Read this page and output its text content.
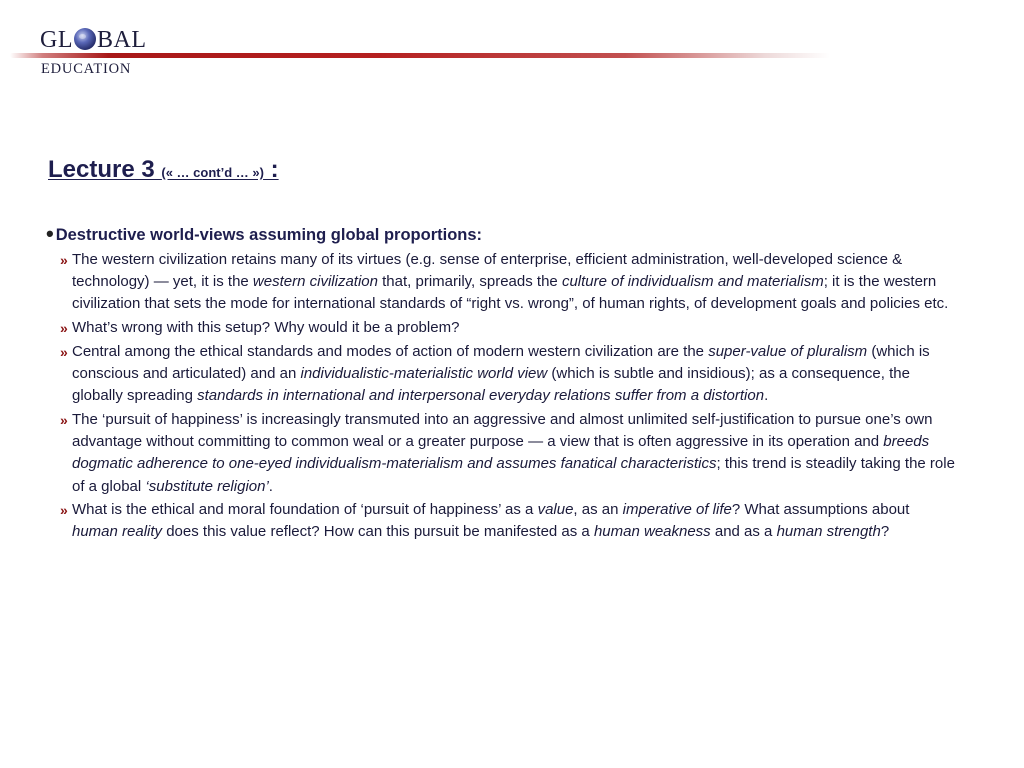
GL BAL
EDUCATION
Lecture 3 (« … cont’d … ») :
• Destructive world-views assuming global proportions:
» The western civilization retains many of its virtues (e.g. sense of enterprise, efficient administration, well-developed science &
technology) — yet, it is the western civilization that, primarily, spreads the culture of individualism and materialism; it is the western
civilization that sets the mode for international standards of “right vs. wrong”, of human rights, of development goals and policies etc.
» What’s wrong with this setup? Why would it be a problem?
» Central among the ethical standards and modes of action of modern western civilization are the super-value of pluralism (which is
conscious and articulated) and an individualistic-materialistic world view (which is subtle and insidious); as a consequence, the
globally spreading standards in international and interpersonal everyday relations suffer from a distortion.
» The ‘pursuit of happiness’ is increasingly transmuted into an aggressive and almost unlimited self-justification to pursue one’s own
advantage without committing to common weal or a greater purpose — a view that is often aggressive in its operation and breeds
dogmatic adherence to one-eyed individualism-materialism and assumes fanatical characteristics; this trend is steadily taking the role
of a global ‘substitute religion’.
» What is the ethical and moral foundation of ‘pursuit of happiness’ as a value, as an imperative of life? What assumptions about
human reality does this value reflect? How can this pursuit be manifested as a human weakness and as a human strength?
